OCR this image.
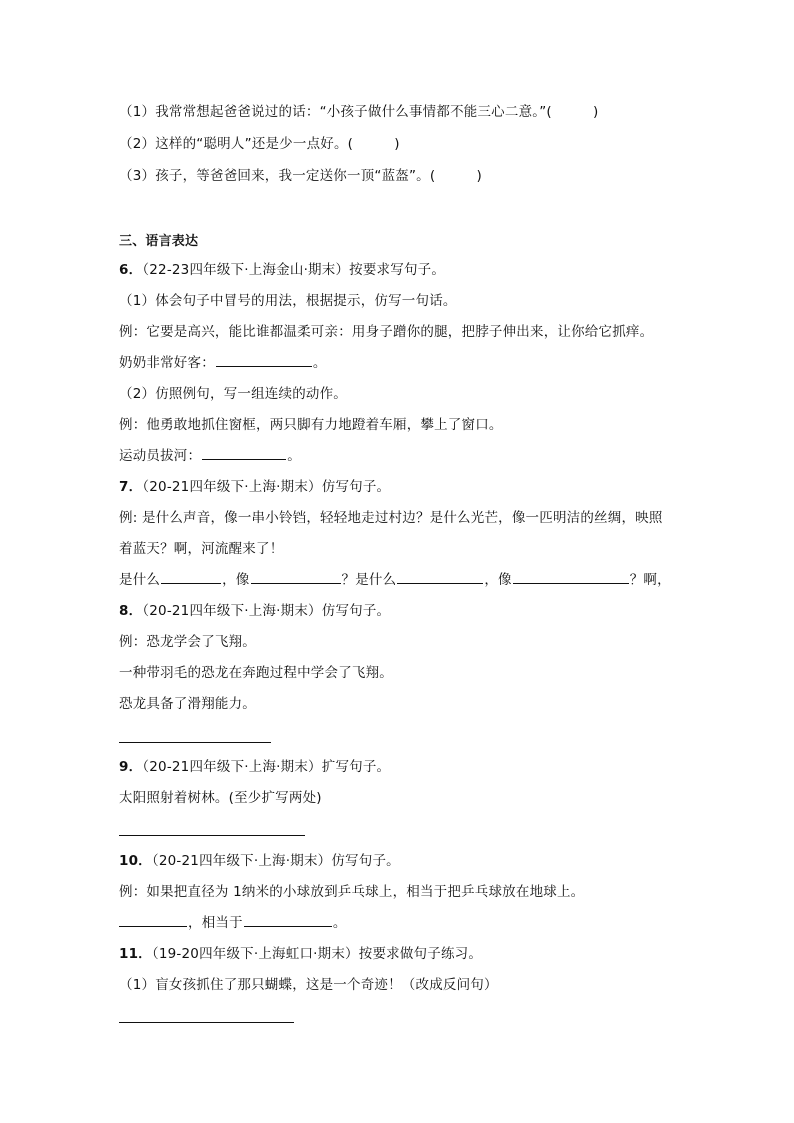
（1）我常常想起爸爸说过的话：“小孩子做什么事情都不能三心二意。”(　　　)
（2）这样的“聪明人”还是少一点好。(　　　)
（3）孩子，等爸爸回来，我一定送你一顶“蓝盔”。(　　　)
三、语言表达
6．（22-23四年级下·上海金山·期末）按要求写句子。
（1）体会句子中冒号的用法，根据提示，仿写一句话。
例：它要是高兴，能比谁都温柔可亲：用身子蹭你的腿，把脖子伸出来，让你给它抓痒。
奶奶非常好客：	。
（2）仿照例句，写一组连续的动作。
例：他勇敢地抓住窗框，两只脚有力地蹬着车厢，攀上了窗口。
运动员拔河：	。
7．（20-21四年级下·上海·期末）仿写句子。
例: 是什么声音，像一串小铃铛，轻轻地走过村边？是什么光芒，像一匹明洁的丝绸，映照
着蓝天？啊，河流醒来了！
是什么	，像	？是什么	，像	？啊，
8．（20-21四年级下·上海·期末）仿写句子。
例：恐龙学会了飞翔。
一种带羽毛的恐龙在奔跑过程中学会了飞翔。
恐龙具备了滑翔能力。
9．（20-21四年级下·上海·期末）扩写句子。
太阳照射着树林。(至少扩写两处)
10．（20-21四年级下·上海·期末）仿写句子。
例：如果把直径为 1纳米的小球放到乒乓球上，相当于把乒乓球放在地球上。
，相当于	。
11．（19-20四年级下·上海虹口·期末）按要求做句子练习。
（1）盲女孩抓住了那只蝴蝶，这是一个奇迹！（改成反问句）
